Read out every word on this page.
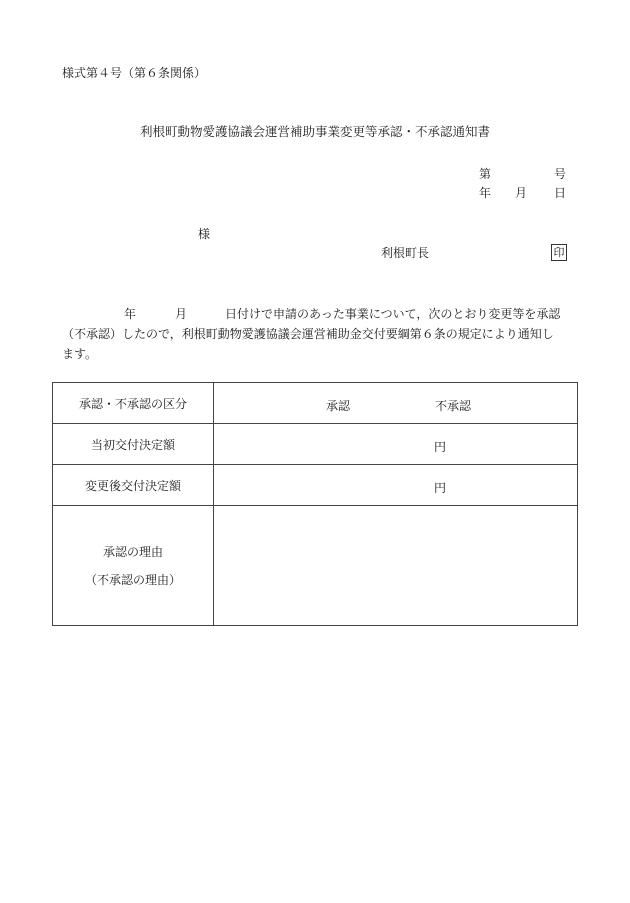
様式第４号（第６条関係）
利根町動物愛護協議会運営補助事業変更等承認・不承認通知書
第	号
年 月 日
様
利根町長	印
年	月	日付けで申請のあった事業について，次のとおり変更等を承認
（不承認）したので，利根町動物愛護協議会運営補助金交付要綱第６条の規定により通知し
ます。
承認・不承認の区分	承認 不承認

当初交付決定額	円

変更後交付決定額	円

承認の理由
（不承認の理由）	
